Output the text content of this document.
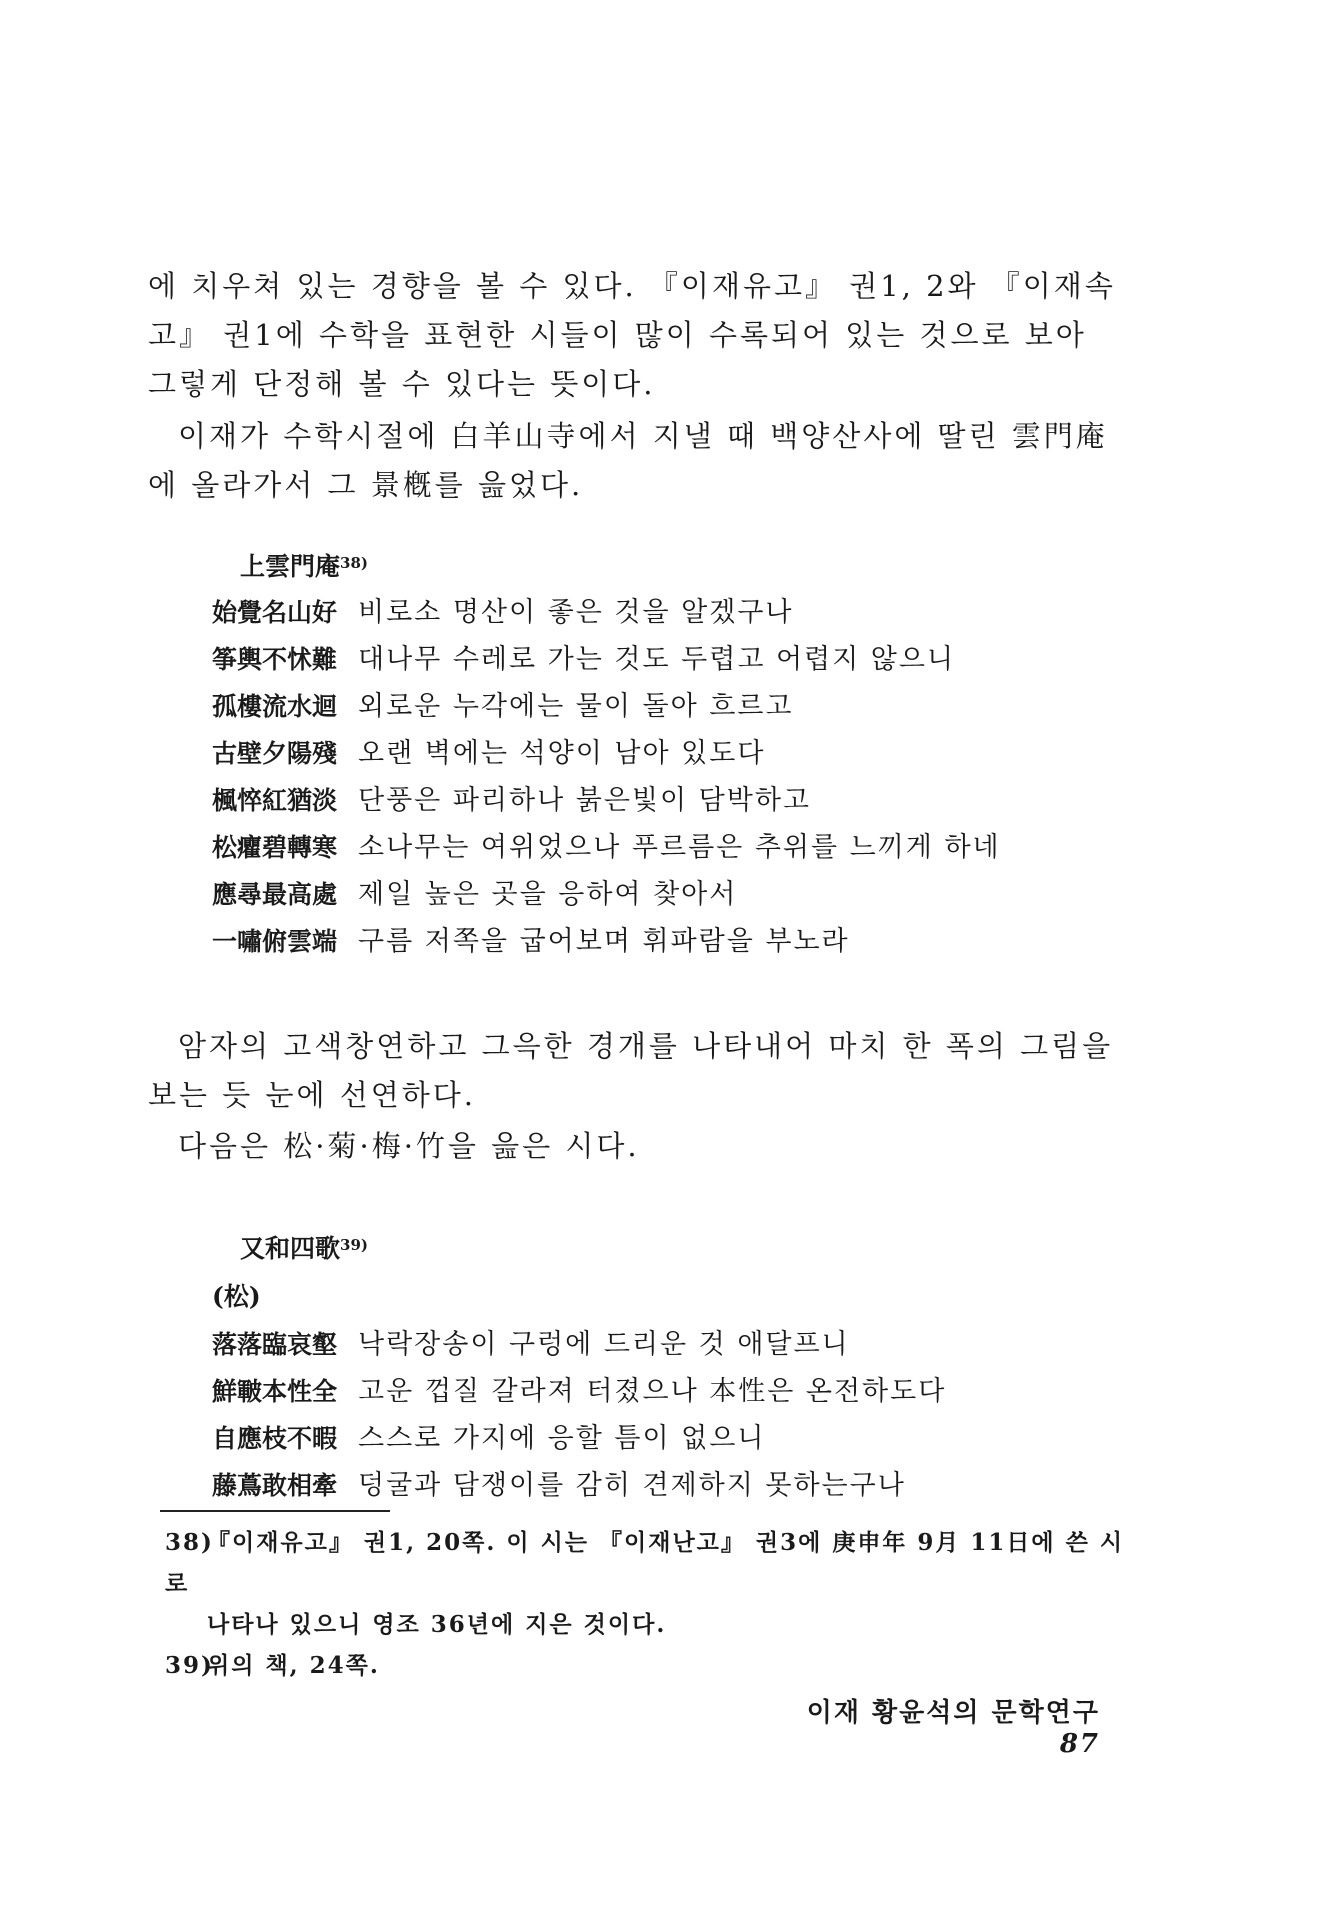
에 치우쳐 있는 경향을 볼 수 있다. 『이재유고』 권1, 2와 『이재속고』 권1에 수학을 표현한 시들이 많이 수록되어 있는 것으로 보아 그렇게 단정해 볼 수 있다는 뜻이다.

이재가 수학시절에 白羊山寺에서 지낼 때 백양산사에 딸린 雲門庵에 올라가서 그 景槪를 읊었다.

上雲門庵$^{38)}$
始覺名山好 비로소 명산이 좋은 것을 알겠구나
筝輿不怵難 대나무 수레로 가는 것도 두렵고 어렵지 않으니
孤樓流水迴 외로운 누각에는 물이 돌아 흐르고
古壁夕陽殘 오랜 벽에는 석양이 남아 있도다
楓悴紅猶淡 단풍은 파리하나 붉은빛이 담박하고
松癯碧轉寒 소나무는 여위었으나 푸르름은 추위를 느끼게 하네
應尋最高處 제일 높은 곳을 응하여 찾아서
一嘯俯雲端 구름 저쪽을 굽어보며 휘파람을 부노라

암자의 고색창연하고 그윽한 경개를 나타내어 마치 한 폭의 그림을 보는 듯 눈에 선연하다.

다음은 松·菊·梅·竹을 읊은 시다.

又和四歌$^{39)}$
(松)
落落臨哀壑 낙락장송이 구렁에 드리운 것 애달프니
鮮皸本性全 고운 껍질 갈라져 터졌으나 本性은 온전하도다
自應枝不暇 스스로 가지에 응할 틈이 없으니
藤蔦敢相牽 덩굴과 담쟁이를 감히 견제하지 못하는구나

38)『이재유고』 권1, 20쪽. 이 시는 『이재난고』 권3에 庚申年 9月 11日에 쓴 시로

나타나 있으니 영조 36년에 지은 것이다.

39)위의 책, 24쪽.

이재 황윤석의 문학연구87
